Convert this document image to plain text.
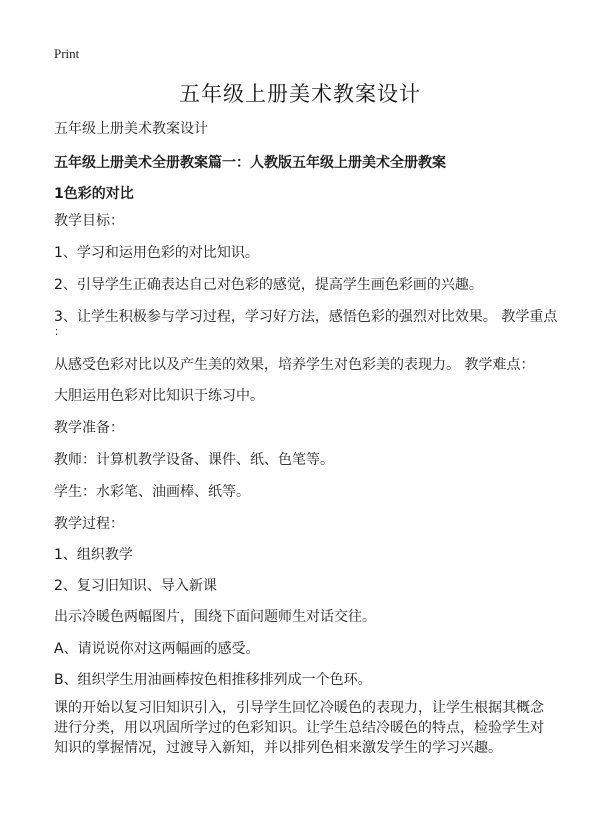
Print
五年级上册美术教案设计
五年级上册美术教案设计
五年级上册美术全册教案篇一：人教版五年级上册美术全册教案
1色彩的对比
教学目标：
1、学习和运用色彩的对比知识。
2、引导学生正确表达自己对色彩的感觉，提高学生画色彩画的兴趣。
3、让学生积极参与学习过程，学习好方法，感悟色彩的强烈对比效果。 教学重点
：
从感受色彩对比以及产生美的效果，培养学生对色彩美的表现力。 教学难点：
大胆运用色彩对比知识于练习中。
教学准备：
教师：计算机教学设备、课件、纸、色笔等。
学生：水彩笔、油画棒、纸等。
教学过程：
1、组织教学
2、复习旧知识、导入新课
出示冷暖色两幅图片，围绕下面问题师生对话交往。
A、请说说你对这两幅画的感受。
B、组织学生用油画棒按色相推移排列成一个色环。
课的开始以复习旧知识引入，引导学生回忆冷暖色的表现力，让学生根据其概念进行分类，用以巩固所学过的色彩知识。让学生总结冷暖色的特点，检验学生对知识的掌握情况，过渡导入新知，并以排列色相来激发学生的学习兴趣。
